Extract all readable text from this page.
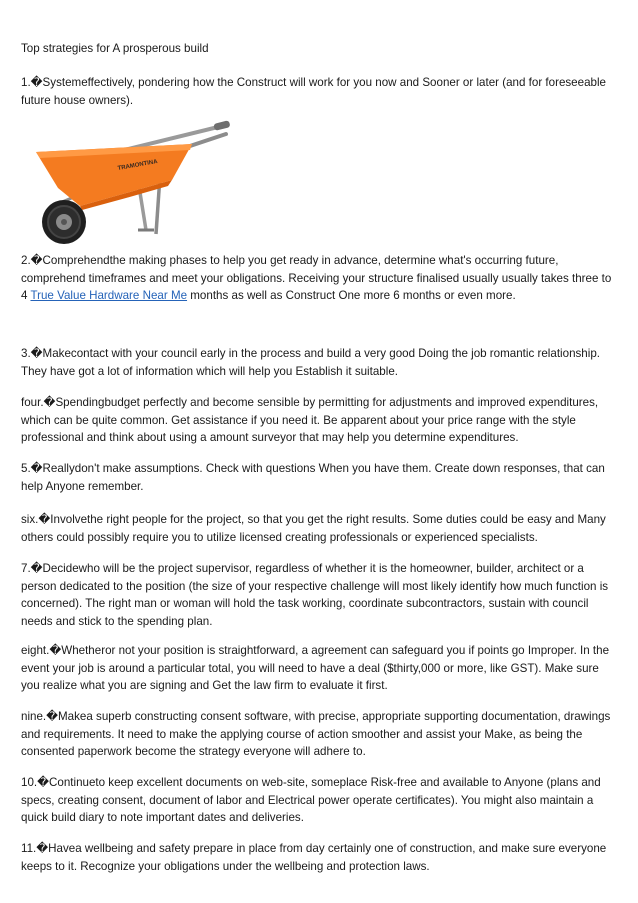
Top strategies for A prosperous build
1.�Systemeffectively, pondering how the Construct will work for you now and Sooner or later (and for foreseeable future house owners).
TRAMONTINA
2.�Comprehendthe making phases to help you get ready in advance, determine what's occurring future, comprehend timeframes and meet your obligations. Receiving your structure finalised usually usually takes three to 4 True Value Hardware Near Me months as well as Construct One more 6 months or even more.
3.�Makecontact with your council early in the process and build a very good Doing the job romantic relationship. They have got a lot of information which will help you Establish it suitable.
four.�Spendingbudget perfectly and become sensible by permitting for adjustments and improved expenditures, which can be quite common. Get assistance if you need it. Be apparent about your price range with the style professional and think about using a amount surveyor that may help you determine expenditures.
5.�Reallydon't make assumptions. Check with questions When you have them. Create down responses, that can help Anyone remember.
six.�Involvethe right people for the project, so that you get the right results. Some duties could be easy and Many others could possibly require you to utilize licensed creating professionals or experienced specialists.
7.�Decidewho will be the project supervisor, regardless of whether it is the homeowner, builder, architect or a person dedicated to the position (the size of your respective challenge will most likely identify how much function is concerned). The right man or woman will hold the task working, coordinate subcontractors, sustain with council needs and stick to the spending plan.
eight.�Whetheror not your position is straightforward, a agreement can safeguard you if points go Improper. In the event your job is around a particular total, you will need to have a deal ($thirty,000 or more, like GST). Make sure you realize what you are signing and Get the law firm to evaluate it first.
nine.�Makea superb constructing consent software, with precise, appropriate supporting documentation, drawings and requirements. It need to make the applying course of action smoother and assist your Make, as being the consented paperwork become the strategy everyone will adhere to.
10.�Continueto keep excellent documents on web-site, someplace Risk-free and available to Anyone (plans and specs, creating consent, document of labor and Electrical power operate certificates). You might also maintain a quick build diary to note important dates and deliveries.
11.�Havea wellbeing and safety prepare in place from day certainly one of construction, and make sure everyone keeps to it. Recognize your obligations under the wellbeing and protection laws.
